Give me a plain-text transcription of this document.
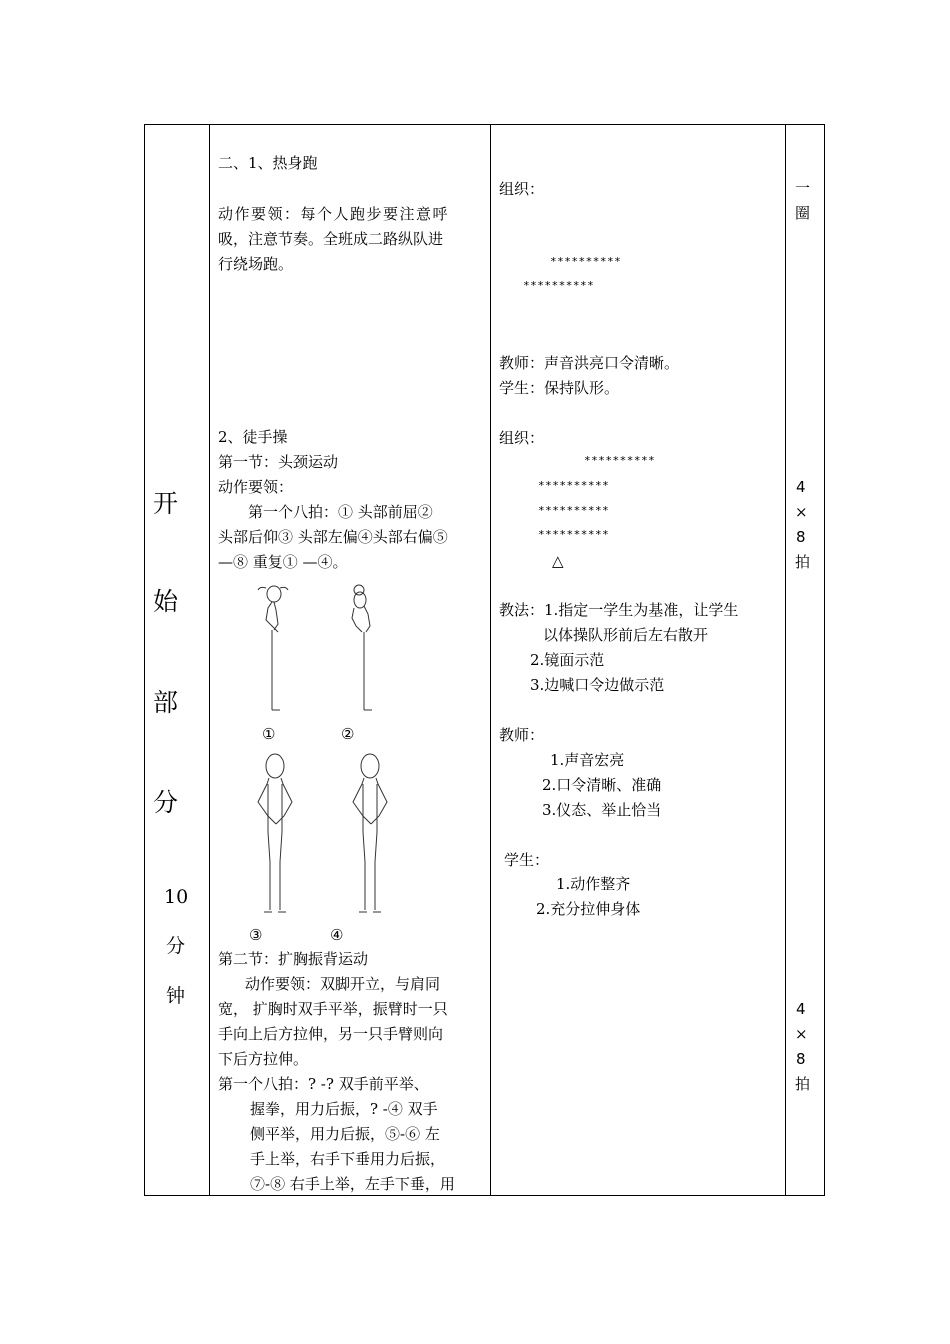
开
始
部
分
10
分
钟
二、1、热身跑
动作要领：每个人跑步要注意呼
吸，注意节奏。全班成二路纵队进
行绕场跑。
2、徒手操
第一节：头颈运动
动作要领：
第一个八拍：① 头部前屈②
头部后仰③ 头部左偏④头部右偏⑤
—⑧ 重复① —④。
①	②
③	④
第二节：扩胸振背运动
动作要领：双脚开立，与肩同
宽， 扩胸时双手平举，振臂时一只
手向上后方拉伸，另一只手臂则向
下后方拉伸。
第一个八拍：? -? 双手前平举、
握拳，用力后振，? -④ 双手
侧平举，用力后振，⑤-⑥ 左
手上举，右手下垂用力后振，
⑦-⑧ 右手上举，左手下垂，用
组织：
**********
**********
教师：声音洪亮口令清晰。
学生：保持队形。
组织：
**********
**********
**********
**********
△
教法：1.指定一学生为基准，让学生
以体操队形前后左右散开
2.镜面示范
3.边喊口令边做示范
教师：
1.声音宏亮
2.口令清晰、准确
3.仪态、举止恰当
学生：
1.动作整齐
2.充分拉伸身体
一
圈
4
×
8
拍
4
×
8
拍
